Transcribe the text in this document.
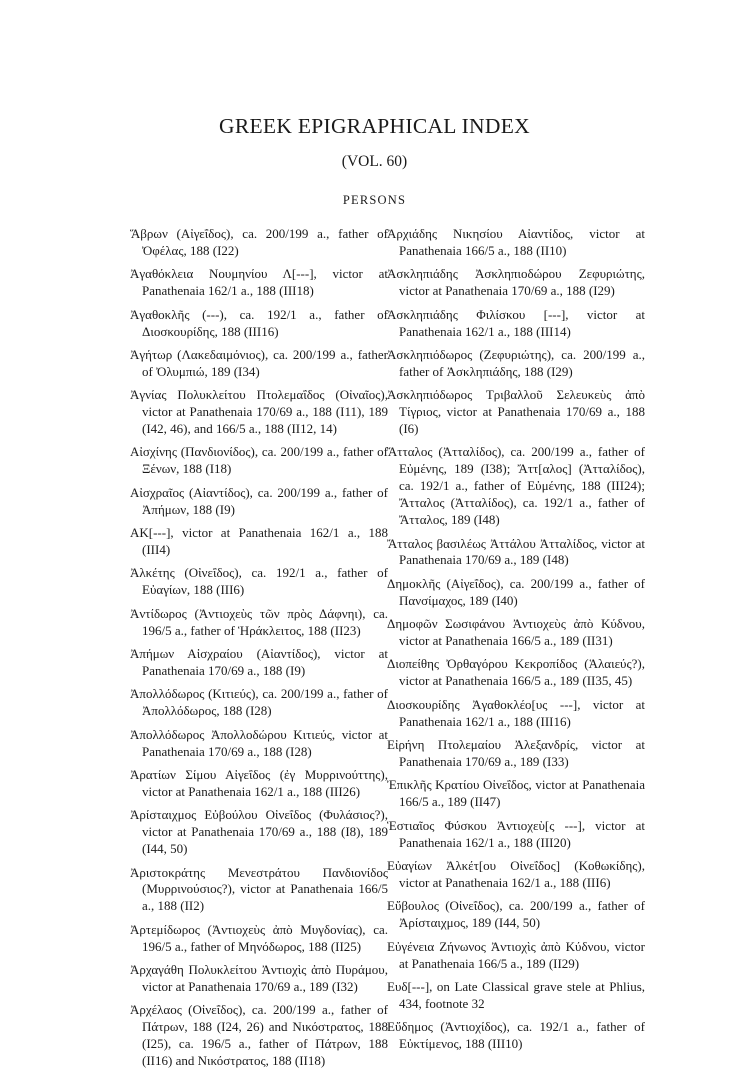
GREEK EPIGRAPHICAL INDEX
(VOL. 60)
PERSONS

Ἅβρων (Αἰγεΐδος), ca. 200/199 a., father of Ὀφέλας, 188 (I22)

Ἀγαθόκλεια Νουμηνίου Λ[---], victor at Panathenaia 162/1 a., 188 (III18)

Ἀγαθοκλῆς (---), ca. 192/1 a., father of Διοσκουρίδης, 188 (III16)

Ἀγήτωρ (Λακεδαιμόνιος), ca. 200/199 a., father of Ὀλυμπιώ, 189 (I34)

Ἀγνίας Πολυκλείτου Πτολεμαΐδος (Οἰναῖος), victor at Panathenaia 170/69 a., 188 (I11), 189 (I42, 46), and 166/5 a., 188 (II12, 14)

Αἰσχίνης (Πανδιονίδος), ca. 200/199 a., father of Ξένων, 188 (I18)

Αἰσχραῖος (Αἰαντίδος), ca. 200/199 a., father of Ἀπήμων, 188 (I9)

ΑΚ[---], victor at Panathenaia 162/1 a., 188 (III4)

Ἀλκέτης (Οἰνεΐδος), ca. 192/1 a., father of Εὐαγίων, 188 (III6)

Ἀντίδωρος (Ἀντιοχεὺς τῶν πρὸς Δάφνηι), ca. 196/5 a., father of Ἡράκλειτος, 188 (II23)

Ἀπήμων Αἰσχραίου (Αἰαντίδος), victor at Panathenaia 170/69 a., 188 (I9)

Ἀπολλόδωρος (Κιτιεύς), ca. 200/199 a., father of Ἀπολλόδωρος, 188 (I28)

Ἀπολλόδωρος Ἀπολλοδώρου Κιτιεύς, victor at Panathenaia 170/69 a., 188 (I28)

Ἀρατίων Σίμου Αἰγεΐδος (ἐγ Μυρρινούττης), victor at Panathenaia 162/1 a., 188 (III26)

Ἀρίσταιχμος Εὐβούλου Οἰνεΐδος (Φυλάσιος?), victor at Panathenaia 170/69 a., 188 (I8), 189 (I44, 50)

Ἀριστοκράτης Μενεστράτου Πανδιονίδος (Μυρρινούσιος?), victor at Panathenaia 166/5 a., 188 (II2)

Ἀρτεμίδωρος (Ἀντιοχεὺς ἀπὸ Μυγδονίας), ca. 196/5 a., father of Μηνόδωρος, 188 (II25)

Ἀρχαγάθη Πολυκλείτου Ἀντιοχὶς ἀπὸ Πυράμου, victor at Panathenaia 170/69 a., 189 (I32)

Ἀρχέλαος (Οἰνεΐδος), ca. 200/199 a., father of Πάτρων, 188 (I24, 26) and Νικόστρατος, 188 (I25), ca. 196/5 a., father of Πάτρων, 188 (II16) and Νικόστρατος, 188 (II18)

Ἀρχιάδης Νικησίου Αἰαντίδος, victor at Panathenaia 166/5 a., 188 (II10)

Ἀσκληπιάδης Ἀσκληπιοδώρου Ζεφυριώτης, victor at Panathenaia 170/69 a., 188 (I29)

Ἀσκληπιάδης Φιλίσκου [---], victor at Panathenaia 162/1 a., 188 (III14)

Ἀσκληπιόδωρος (Ζεφυριώτης), ca. 200/199 a., father of Ἀσκληπιάδης, 188 (I29)

Ἀσκληπιόδωρος Τριβαλλοῦ Σελευκεὺς ἀπὸ Τίγριος, victor at Panathenaia 170/69 a., 188 (I6)

Ἄτταλος (Ἀτταλίδος), ca. 200/199 a., father of Εὐμένης, 189 (I38); Ἄττ[αλος] (Ἀτταλίδος), ca. 192/1 a., father of Εὐμένης, 188 (III24); Ἄτταλος (Ἀτταλίδος), ca. 192/1 a., father of Ἄτταλος, 189 (I48)

Ἄτταλος βασιλέως Ἀττάλου Ἀτταλίδος, victor at Panathenaia 170/69 a., 189 (I48)

Δημοκλῆς (Αἰγεΐδος), ca. 200/199 a., father of Πανσίμαχος, 189 (I40)

Δημοφῶν Σωσιφάνου Ἀντιοχεὺς ἀπὸ Κύδνου, victor at Panathenaia 166/5 a., 189 (II31)

Διοπείθης Ὀρθαγόρου Κεκροπίδος (Ἁλαιεύς?), victor at Panathenaia 166/5 a., 189 (II35, 45)

Διοσκουρίδης Ἀγαθοκλέο[υς ---], victor at Panathenaia 162/1 a., 188 (III16)

Εἰρήνη Πτολεμαίου Ἀλεξανδρίς, victor at Panathenaia 170/69 a., 189 (I33)

Ἐπικλῆς Κρατίου Οἰνεΐδος, victor at Panathenaia 166/5 a., 189 (II47)

Ἑστιαῖος Φύσκου Ἀντιοχεὺ[ς ---], victor at Panathenaia 162/1 a., 188 (III20)

Εὐαγίων Ἀλκέτ[ου Οἰνεΐδος] (Κοθωκίδης), victor at Panathenaia 162/1 a., 188 (III6)

Εὔβουλος (Οἰνεΐδος), ca. 200/199 a., father of Ἀρίσταιχμος, 189 (I44, 50)

Εὐγένεια Ζήνωνος Ἀντιοχὶς ἀπὸ Κύδνου, victor at Panathenaia 166/5 a., 189 (II29)

Ευδ[---], on Late Classical grave stele at Phlius, 434, footnote 32

Εὔδημος (Ἀντιοχίδος), ca. 192/1 a., father of Εὐκτίμενος, 188 (III10)
